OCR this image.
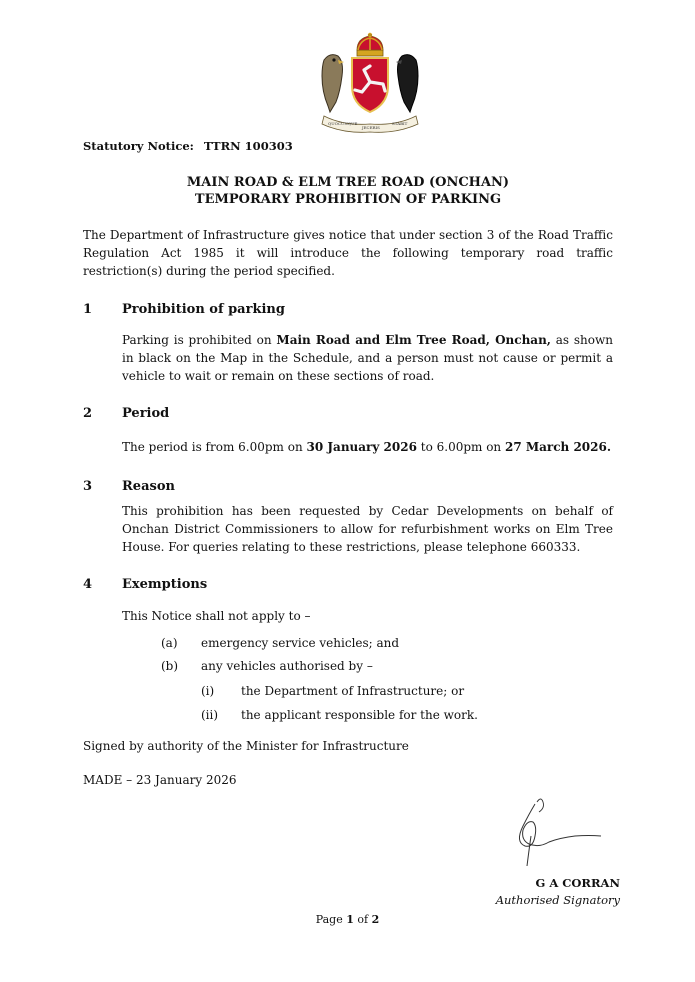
QUOCUNQUE
JECERIS
STABIT
Statutory Notice: TTRN 100303
MAIN ROAD & ELM TREE ROAD (ONCHAN)
TEMPORARY PROHIBITION OF PARKING
The Department of Infrastructure gives notice that under section 3 of the Road Traffic Regulation Act 1985 it will introduce the following temporary road traffic restriction(s) during the period specified.
1	Prohibition of parking
Parking is prohibited on Main Road and Elm Tree Road, Onchan, as shown in black on the Map in the Schedule, and a person must not cause or permit a vehicle to wait or remain on these sections of road.
2	Period
The period is from 6.00pm on 30 January 2026 to 6.00pm on 27 March 2026.
3	Reason
This prohibition has been requested by Cedar Developments on behalf of Onchan District Commissioners to allow for refurbishment works on Elm Tree House. For queries relating to these restrictions, please telephone 660333.
4	Exemptions
This Notice shall not apply to –
(a) emergency service vehicles; and
(b) any vehicles authorised by –
(i) the Department of Infrastructure; or
(ii) the applicant responsible for the work.
Signed by authority of the Minister for Infrastructure
MADE – 23 January 2026
G A CORRAN
Authorised Signatory
Page 1 of 2
